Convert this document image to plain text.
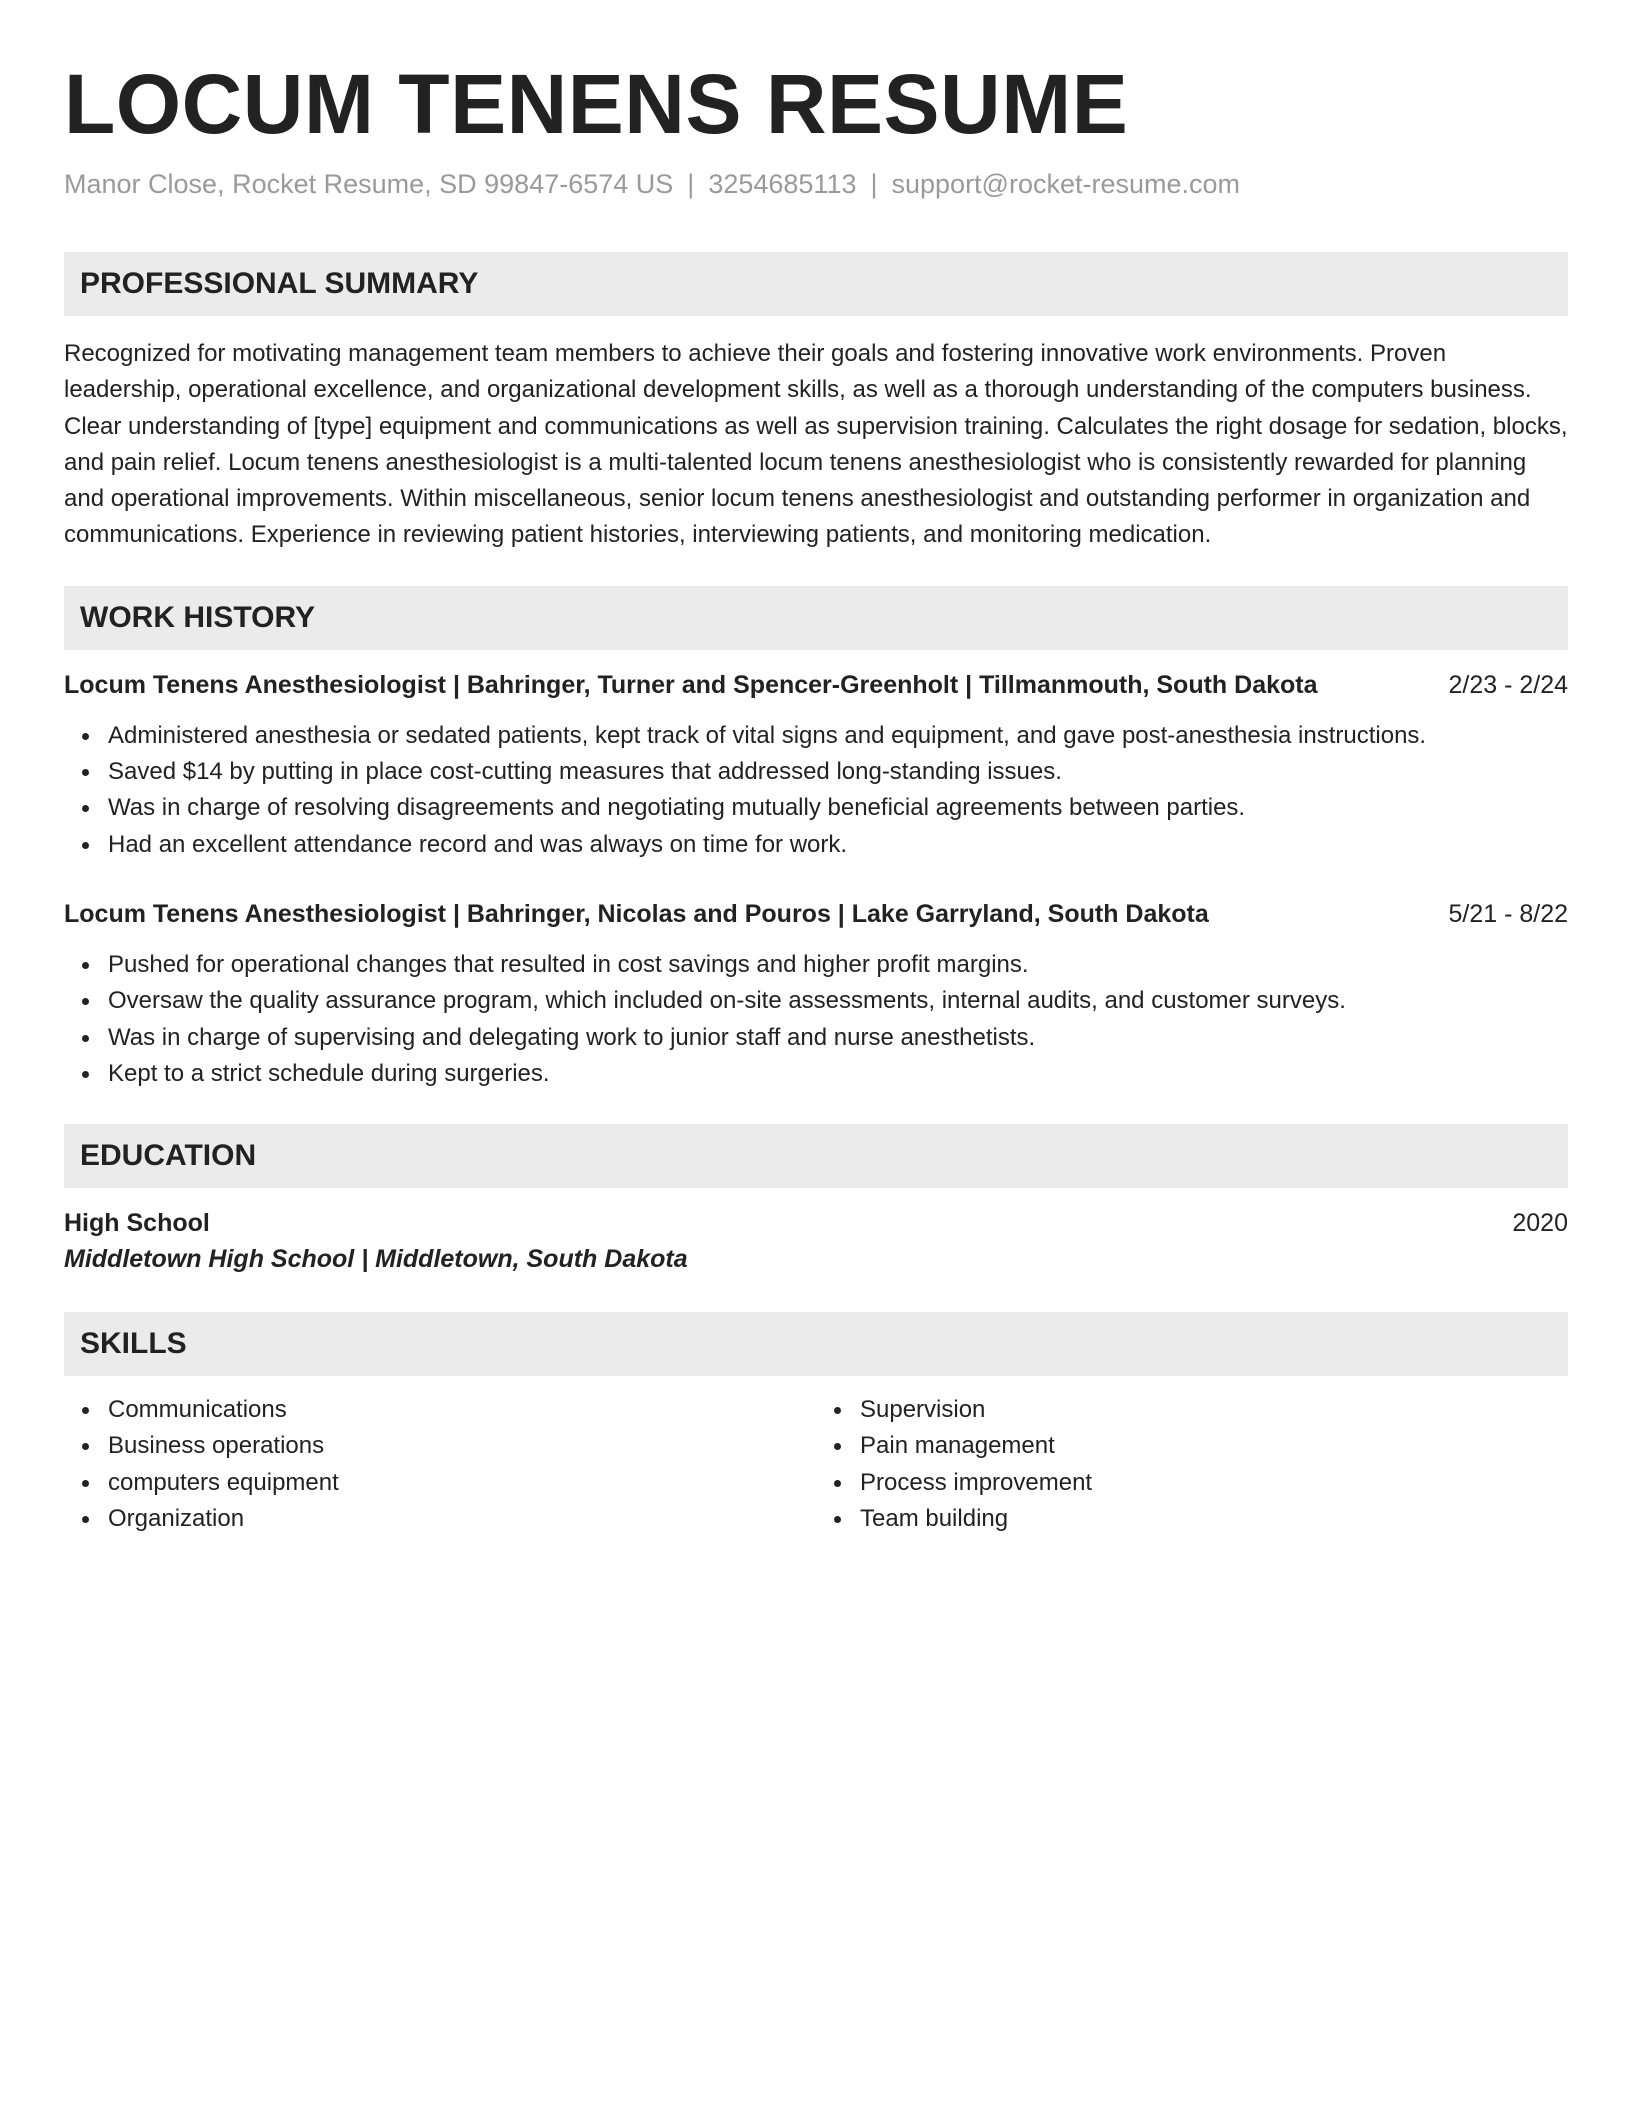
LOCUM TENENS RESUME
Manor Close, Rocket Resume, SD 99847-6574 US | 3254685113 | support@rocket-resume.com
PROFESSIONAL SUMMARY

Recognized for motivating management team members to achieve their goals and fostering innovative work environments. Proven leadership, operational excellence, and organizational development skills, as well as a thorough understanding of the computers business. Clear understanding of [type] equipment and communications as well as supervision training. Calculates the right dosage for sedation, blocks, and pain relief. Locum tenens anesthesiologist is a multi-talented locum tenens anesthesiologist who is consistently rewarded for planning and operational improvements. Within miscellaneous, senior locum tenens anesthesiologist and outstanding performer in organization and communications. Experience in reviewing patient histories, interviewing patients, and monitoring medication.

WORK HISTORY
Locum Tenens Anesthesiologist | Bahringer, Turner and Spencer-Greenholt | Tillmanmouth, South Dakota	2/23 - 2/24
Administered anesthesia or sedated patients, kept track of vital signs and equipment, and gave post-anesthesia instructions.
Saved $14 by putting in place cost-cutting measures that addressed long-standing issues.
Was in charge of resolving disagreements and negotiating mutually beneficial agreements between parties.
Had an excellent attendance record and was always on time for work.
Locum Tenens Anesthesiologist | Bahringer, Nicolas and Pouros | Lake Garryland, South Dakota	5/21 - 8/22
Pushed for operational changes that resulted in cost savings and higher profit margins.
Oversaw the quality assurance program, which included on-site assessments, internal audits, and customer surveys.
Was in charge of supervising and delegating work to junior staff and nurse anesthetists.
Kept to a strict schedule during surgeries.
EDUCATION
High School	2020
Middletown High School | Middletown, South Dakota
SKILLS
Communications
Business operations
computers equipment
Organization
Supervision
Pain management
Process improvement
Team building
